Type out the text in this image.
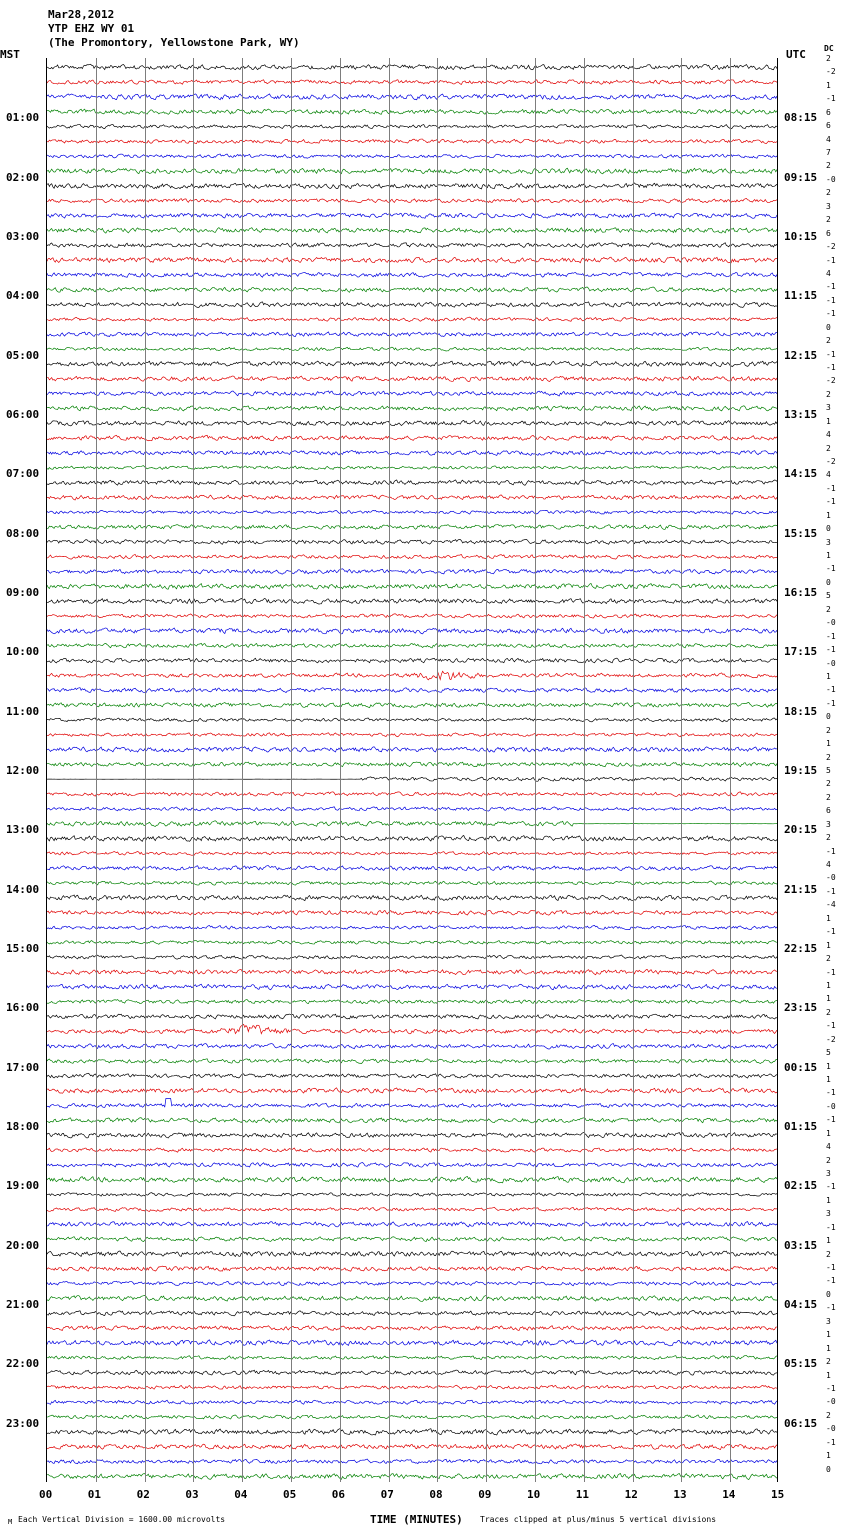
Mar28,2012
YTP EHZ WY 01
(The Promontory, Yellowstone Park, WY)
MST	UTC DC
TIME (MINUTES)
M Each Vertical Division = 1600.00 microvolts	Traces clipped at plus/minus 5 vertical divisions
00	01	02	03	04	05	06	07	08	09	10	11	12	13	14	15
01:00	08:15
02:00	09:15
03:00	10:15
04:00	11:15
05:00	12:15
06:00	13:15
07:00	14:15
08:00	15:15
09:00	16:15
10:00	17:15
11:00	18:15
12:00	19:15
13:00	20:15
14:00	21:15
15:00	22:15
16:00	23:15
17:00	00:15
18:00	01:15
19:00	02:15
20:00	03:15
21:00	04:15
22:00	05:15
23:00	06:15
2
-2
1
-1
6
6
4
7
2
-0
2
3
2
6
-2
-1
4
-1
-1
-1
0
2
-1
-1
-2
2
3
1
4
2
-2
4
-1
-1
1
0
3
1
-1
0
5
2
-0
-1
-1
-0
1
-1
-1
0
2
1
2
5
2
2
6
3
2
-1
4
-0
-1
-4
1
-1
1
2
-1
1
1
2
-1
-2
5
1
1
-1
-0
-1
1
4
2
3
-1
1
3
-1
1
2
-1
-1
0
-1
3
1
1
2
1
-1
-0
2
-0
-1
1
0
